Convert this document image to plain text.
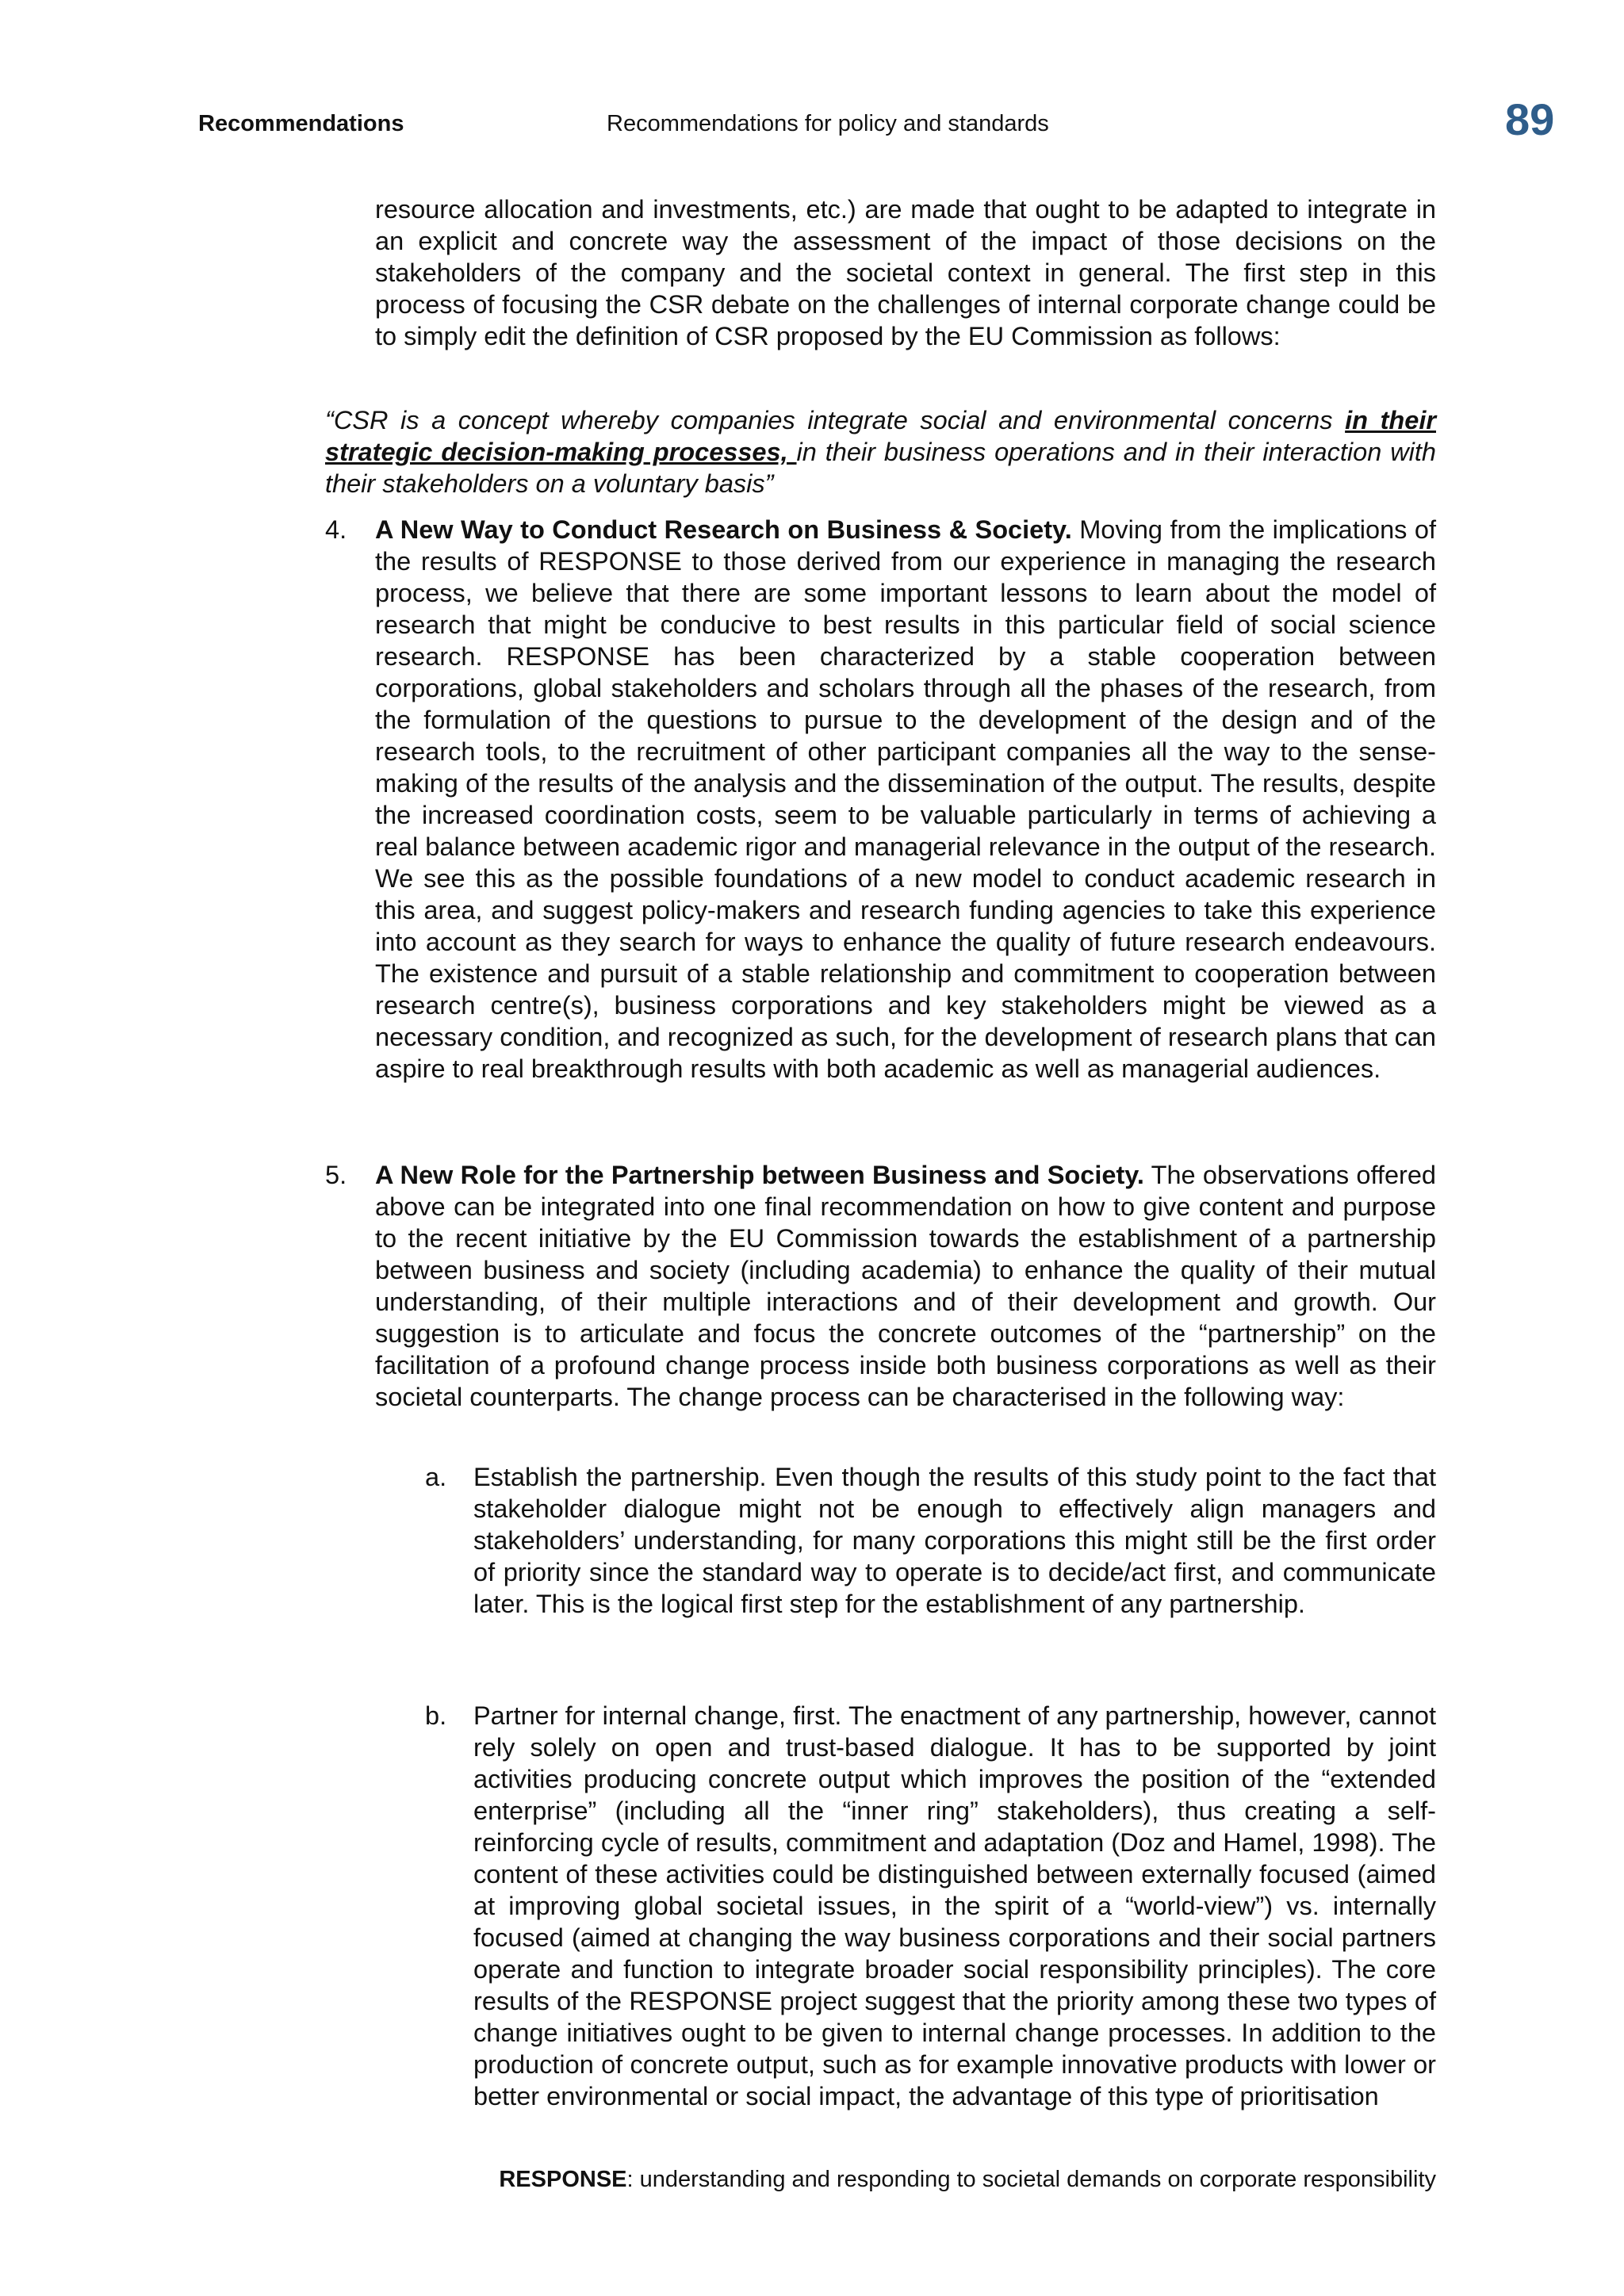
Recommendations	Recommendations for policy and standards	89

resource allocation and investments, etc.) are made that ought to be adapted to integrate in an explicit and concrete way the assessment of the impact of those decisions on the stakeholders of the company and the societal context in general. The first step in this process of focusing the CSR debate on the challenges of internal corporate change could be to simply edit the definition of CSR proposed by the EU Commission as follows:

“CSR is a concept whereby companies integrate social and environmental concerns in their strategic decision-making processes, in their business operations and in their interaction with their stakeholders on a voluntary basis”

4. A New Way to Conduct Research on Business & Society. Moving from the implications of the results of RESPONSE to those derived from our experience in managing the research process, we believe that there are some important lessons to learn about the model of research that might be conducive to best results in this particular field of social science research. RESPONSE has been characterized by a stable cooperation between corporations, global stakeholders and scholars through all the phases of the research, from the formulation of the questions to pursue to the development of the design and of the research tools, to the recruitment of other participant companies all the way to the sense-making of the results of the analysis and the dissemination of the output. The results, despite the increased coordination costs, seem to be valuable particularly in terms of achieving a real balance between academic rigor and managerial relevance in the output of the research. We see this as the possible foundations of a new model to conduct academic research in this area, and suggest policy-makers and research funding agencies to take this experience into account as they search for ways to enhance the quality of future research endeavours. The existence and pursuit of a stable relationship and commitment to cooperation between research centre(s), business corporations and key stakeholders might be viewed as a necessary condition, and recognized as such, for the development of research plans that can aspire to real breakthrough results with both academic as well as managerial audiences.
5. A New Role for the Partnership between Business and Society. The observations offered above can be integrated into one final recommendation on how to give content and purpose to the recent initiative by the EU Commission towards the establishment of a partnership between business and society (including academia) to enhance the quality of their mutual understanding, of their multiple interactions and of their development and growth. Our suggestion is to articulate and focus the concrete outcomes of the “partnership” on the facilitation of a profound change process inside both business corporations as well as their societal counterparts. The change process can be characterised in the following way:
a. Establish the partnership. Even though the results of this study point to the fact that stakeholder dialogue might not be enough to effectively align managers and stakeholders’ understanding, for many corporations this might still be the first order of priority since the standard way to operate is to decide/act first, and communicate later. This is the logical first step for the establishment of any partnership.
b. Partner for internal change, first. The enactment of any partnership, however, cannot rely solely on open and trust-based dialogue. It has to be supported by joint activities producing concrete output which improves the position of the “extended enterprise” (including all the “inner ring” stakeholders), thus creating a self-reinforcing cycle of results, commitment and adaptation (Doz and Hamel, 1998). The content of these activities could be distinguished between externally focused (aimed at improving global societal issues, in the spirit of a “world-view”) vs. internally focused (aimed at changing the way business corporations and their social partners operate and function to integrate broader social responsibility principles). The core results of the RESPONSE project suggest that the priority among these two types of change initiatives ought to be given to internal change processes. In addition to the production of concrete output, such as for example innovative products with lower or better environmental or social impact, the advantage of this type of prioritisation
RESPONSE: understanding and responding to societal demands on corporate responsibility
